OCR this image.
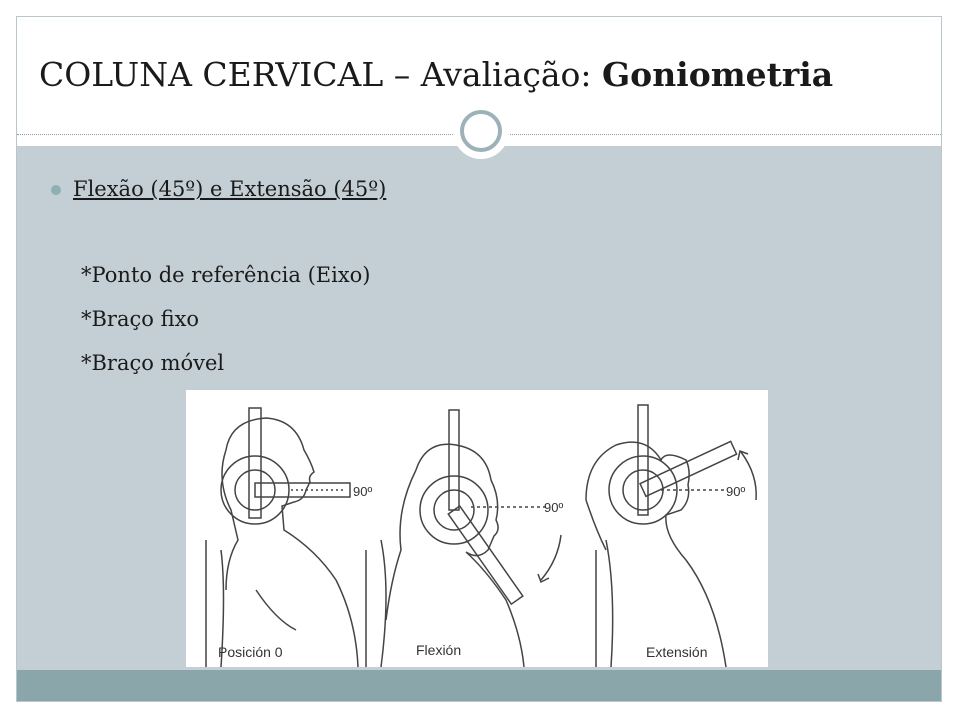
COLUNA CERVICAL – Avaliação: Goniometria
Flexão (45º) e Extensão (45º)
*Ponto de referência (Eixo)
*Braço fixo
*Braço móvel
90º
90º
90º
Posición 0	Flexión	Extensión
